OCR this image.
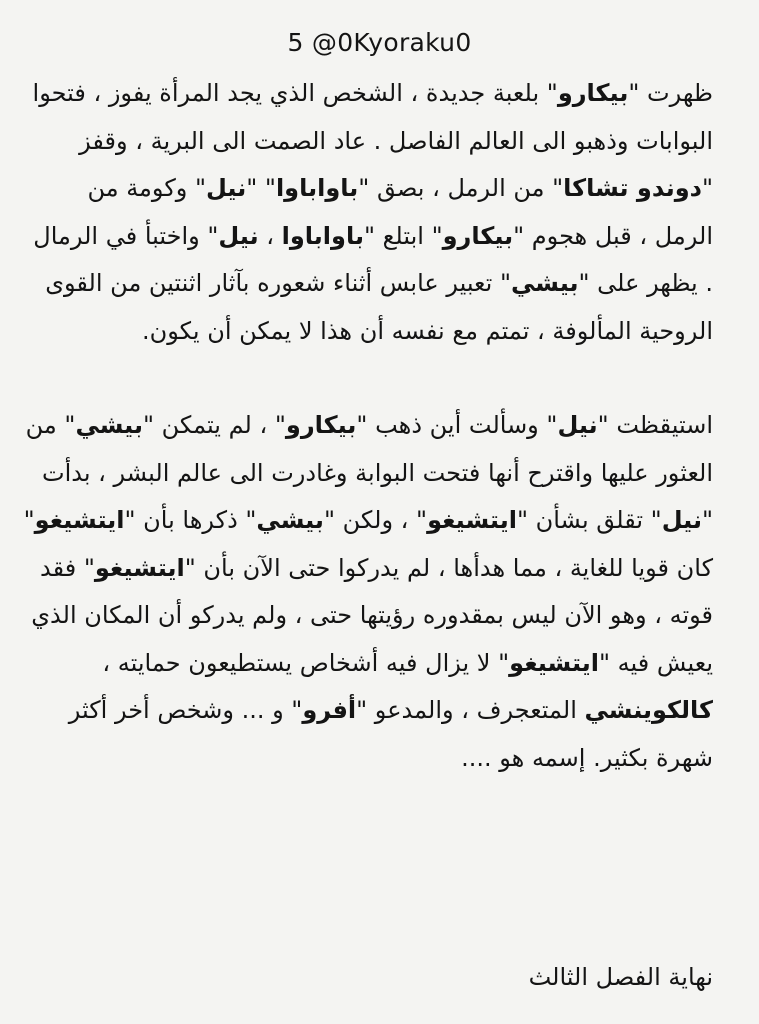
5 @0Kyoraku0

ظهرت "بيكارو" بلعبة جديدة ، الشخص الذي يجد المرأة يفوز ، فتحوا البوابات وذهبو الى العالم الفاصل . عاد الصمت الى البرية ، وقفز "دوندو تشاكا" من الرمل ، بصق "باواباوا" "نيل" وكومة من الرمل ، قبل هجوم "بيكارو" ابتلع "باواباوا ، نيل" واختبأ في الرمال . يظهر على "بيشي" تعبير عابس أثناء شعوره بآثار اثنتين من القوى الروحية المألوفة ، تمتم مع نفسه أن هذا لا يمكن أن يكون.

استيقظت "نيل" وسألت أين ذهب "بيكارو" ، لم يتمكن "بيشي" من العثور عليها واقترح أنها فتحت البوابة وغادرت الى عالم البشر ، بدأت "نيل" تقلق بشأن "ايتشيغو" ، ولكن "بيشي" ذكرها بأن "ايتشيغو" كان قويا للغاية ، مما هدأها ، لم يدركوا حتى الآن بأن "ايتشيغو" فقد قوته ، وهو الآن ليس بمقدوره رؤيتها حتى ، ولم يدركو أن المكان الذي يعيش فيه "ايتشيغو" لا يزال فيه أشخاص يستطيعون حمايته ، كالكوينشي المتعجرف ، والمدعو "أفرو" و ... وشخص أخر أكثر شهرة بكثير. إسمه هو ....

نهاية الفصل الثالث
